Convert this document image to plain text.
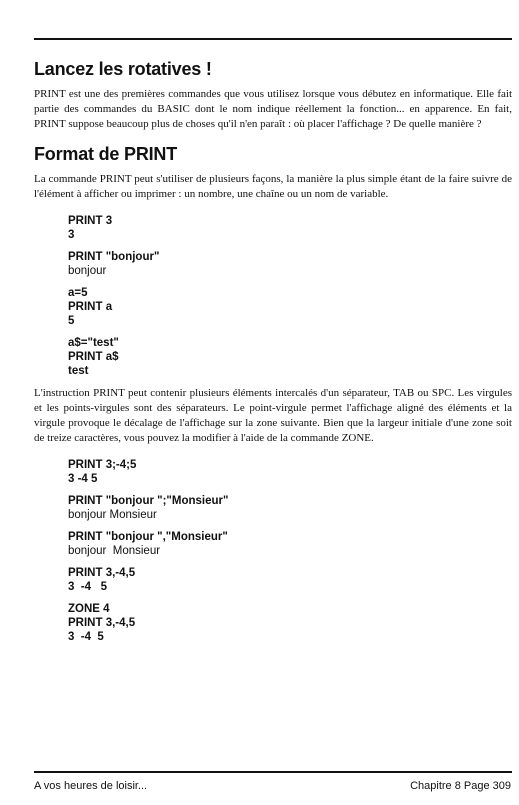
Lancez les rotatives !

PRINT est une des premières commandes que vous utilisez lorsque vous débutez en informatique. Elle fait partie des commandes du BASIC dont le nom indique réellement la fonction... en apparence. En fait, PRINT suppose beaucoup plus de choses qu'il n'en paraît : où placer l'affichage ? De quelle manière ?

Format de PRINT

La commande PRINT peut s'utiliser de plusieurs façons, la manière la plus simple étant de la faire suivre de l'élément à afficher ou imprimer : un nombre, une chaîne ou un nom de variable.

PRINT 3
3
PRINT "bonjour"
bonjour
a=5
PRINT a
5
a$="test"
PRINT a$
test

L'instruction PRINT peut contenir plusieurs éléments intercalés d'un séparateur, TAB ou SPC. Les virgules et les points-virgules sont des séparateurs. Le point-virgule permet l'affichage aligné des éléments et la virgule provoque le décalage de l'affichage sur la zone suivante. Bien que la largeur initiale d'une zone soit de treize caractères, vous pouvez la modifier à l'aide de la commande ZONE.

PRINT 3;-4;5
3 -4 5
PRINT "bonjour ";"Monsieur"
bonjour Monsieur
PRINT "bonjour ","Monsieur"
bonjour  Monsieur
PRINT 3,-4,5
3  -4   5
ZONE 4
PRINT 3,-4,5
3  -4  5
A vos heures de loisir...	Chapitre 8 Page 309
